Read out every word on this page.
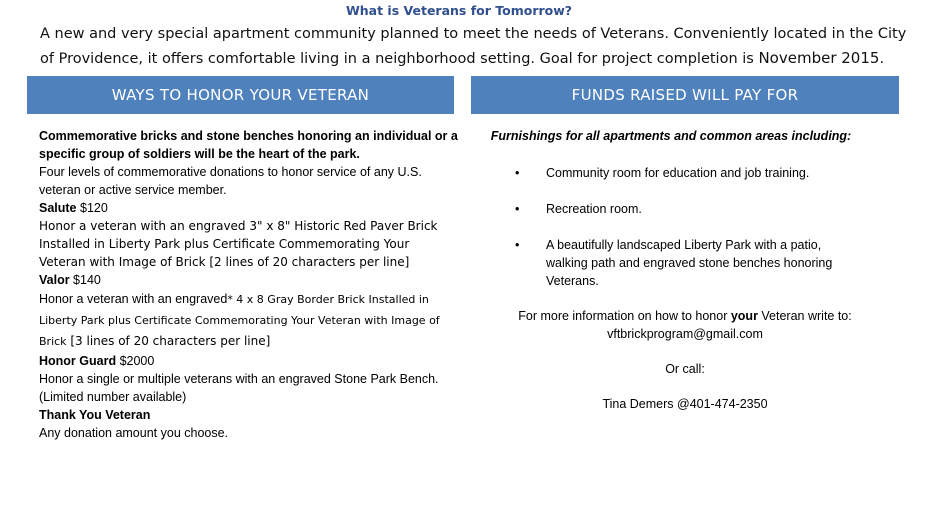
What is Veterans for Tomorrow?
A new and very special apartment community planned to meet the needs of Veterans. Conveniently located in the City of Providence, it offers comfortable living in a neighborhood setting. Goal for project completion is November 2015.
WAYS TO HONOR YOUR VETERAN	FUNDS RAISED WILL PAY FOR
Commemorative bricks and stone benches honoring an individual or a specific group of soldiers will be the heart of the park.
Four levels of commemorative donations to honor service of any U.S. veteran or active service member.
Salute $120
Honor a veteran with an engraved 3" x 8" Historic Red Paver Brick Installed in Liberty Park plus Certificate Commemorating Your Veteran with Image of Brick [2 lines of 20 characters per line]
Valor $140
Honor a veteran with an engraved* 4 x 8 Gray Border Brick Installed in Liberty Park plus Certificate Commemorating Your Veteran with Image of Brick [3 lines of 20 characters per line]
Honor Guard $2000
Honor a single or multiple veterans with an engraved Stone Park Bench. (Limited number available)
Thank You Veteran
Any donation amount you choose.
Furnishings for all apartments and common areas including:
• Community room for education and job training.
• Recreation room.
• A beautifully landscaped Liberty Park with a patio, walking path and engraved stone benches honoring Veterans.
For more information on how to honor your Veteran write to:
vftbrickprogram@gmail.com
Or call:
Tina Demers @401-474-2350
